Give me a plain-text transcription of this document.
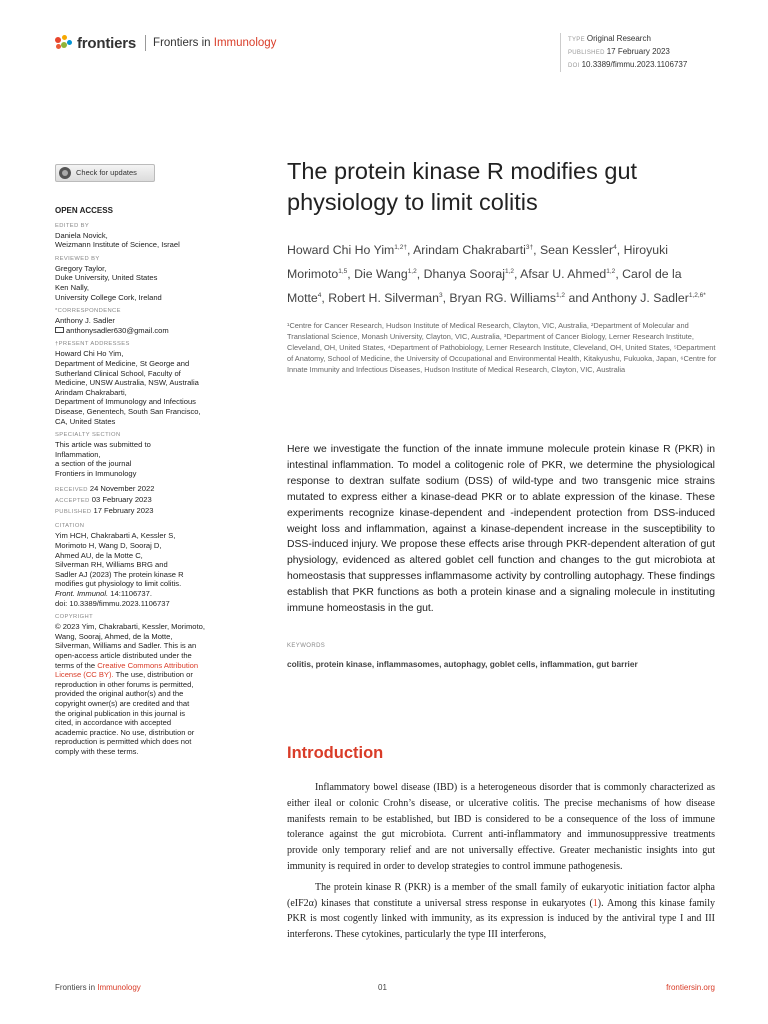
frontiers Frontiers in Immunology	TYPE Original Research
PUBLISHED 17 February 2023
DOI 10.3389/fimmu.2023.1106737
Check for updates
OPEN ACCESS
EDITED BY
Daniela Novick,
Weizmann Institute of Science, Israel
REVIEWED BY
Gregory Taylor,
Duke University, United States
Ken Nally,
University College Cork, Ireland
*CORRESPONDENCE
Anthony J. Sadler
anthonysadler630@gmail.com
†PRESENT ADDRESSES
Howard Chi Ho Yim,
Department of Medicine, St George and
Sutherland Clinical School, Faculty of
Medicine, UNSW Australia, NSW, Australia
Arindam Chakrabarti,
Department of Immunology and Infectious
Disease, Genentech, South San Francisco,
CA, United States
SPECIALTY SECTION
This article was submitted to
Inflammation,
a section of the journal
Frontiers in Immunology
RECEIVED 24 November 2022
ACCEPTED 03 February 2023
PUBLISHED 17 February 2023
CITATION
Yim HCH, Chakrabarti A, Kessler S,
Morimoto H, Wang D, Sooraj D,
Ahmed AU, de la Motte C,
Silverman RH, Williams BRG and
Sadler AJ (2023) The protein kinase R
modifies gut physiology to limit colitis.
Front. Immunol. 14:1106737.
doi: 10.3389/fimmu.2023.1106737
COPYRIGHT
© 2023 Yim, Chakrabarti, Kessler, Morimoto,
Wang, Sooraj, Ahmed, de la Motte,
Silverman, Williams and Sadler. This is an
open-access article distributed under the
terms of the Creative Commons Attribution
License (CC BY). The use, distribution or
reproduction in other forums is permitted,
provided the original author(s) and the
copyright owner(s) are credited and that
the original publication in this journal is
cited, in accordance with accepted
academic practice. No use, distribution or
reproduction is permitted which does not
comply with these terms.
The protein kinase R modifies gut physiology to limit colitis
Howard Chi Ho Yim$^{1,2\dagger}$, Arindam Chakrabarti$^{3\dagger}$, Sean Kessler$^4$, Hiroyuki Morimoto$^{1,5}$, Die Wang$^{1,2}$, Dhanya Sooraj$^{1,2}$, Afsar U. Ahmed$^{1,2}$, Carol de la Motte$^4$, Robert H. Silverman$^3$, Bryan RG. Williams$^{1,2}$ and Anthony J. Sadler$^{1,2,6*}$
¹Centre for Cancer Research, Hudson Institute of Medical Research, Clayton, VIC, Australia, ²Department of Molecular and Translational Science, Monash University, Clayton, VIC, Australia, ³Department of Cancer Biology, Lerner Research Institute, Cleveland, OH, United States, ⁴Department of Pathobiology, Lerner Research Institute, Cleveland, OH, United States, ⁵Department of Anatomy, School of Medicine, the University of Occupational and Environmental Health, Kitakyushu, Fukuoka, Japan, ⁶Centre for Innate Immunity and Infectious Diseases, Hudson Institute of Medical Research, Clayton, VIC, Australia
Here we investigate the function of the innate immune molecule protein kinase R (PKR) in intestinal inflammation. To model a colitogenic role of PKR, we determine the physiological response to dextran sulfate sodium (DSS) of wild-type and two transgenic mice strains mutated to express either a kinase-dead PKR or to ablate expression of the kinase. These experiments recognize kinase-dependent and -independent protection from DSS-induced weight loss and inflammation, against a kinase-dependent increase in the susceptibility to DSS-induced injury. We propose these effects arise through PKR-dependent alteration of gut physiology, evidenced as altered goblet cell function and changes to the gut microbiota at homeostasis that suppresses inflammasome activity by controlling autophagy. These findings establish that PKR functions as both a protein kinase and a signaling molecule in instituting immune homeostasis in the gut.
KEYWORDS
colitis, protein kinase, inflammasomes, autophagy, goblet cells, inflammation, gut barrier
Introduction

Inflammatory bowel disease (IBD) is a heterogeneous disorder that is commonly characterized as either ileal or colonic Crohn’s disease, or ulcerative colitis. The precise mechanisms of how disease manifests remain to be established, but IBD is considered to be a consequence of the loss of immune tolerance against the gut microbiota. Current anti-inflammatory and immunosuppressive treatments provide only temporary relief and are not universally effective. Greater mechanistic insights into gut immunity is required in order to develop strategies to control immune pathogenesis.

The protein kinase R (PKR) is a member of the small family of eukaryotic initiation factor alpha (eIF2α) kinases that constitute a universal stress response in eukaryotes (1). Among this kinase family PKR is most cogently linked with immunity, as its expression is induced by the antiviral type I and III interferons. These cytokines, particularly the type III interferons,

Frontiers in Immunology	01	frontiersin.org
